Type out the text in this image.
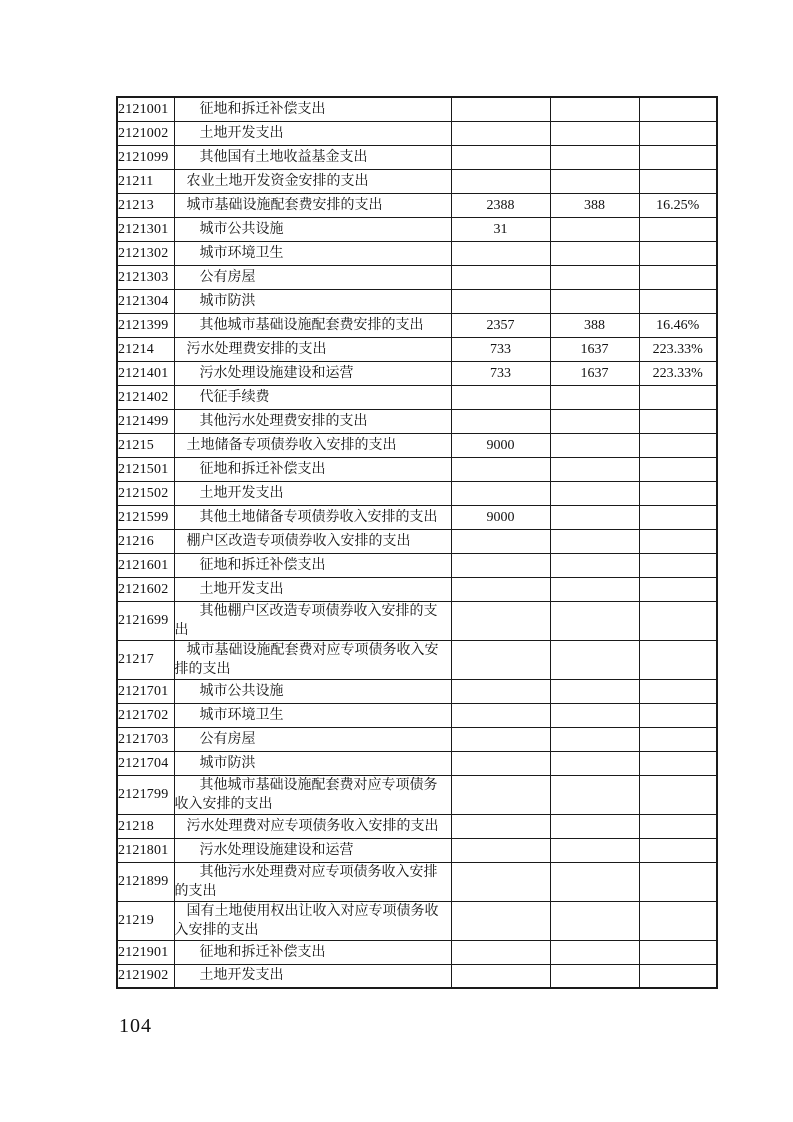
2121001	征地和拆迁补偿支出			
2121002	土地开发支出			
2121099	其他国有土地收益基金支出			
21211	农业土地开发资金安排的支出			
21213	城市基础设施配套费安排的支出	2388	388	16.25%
2121301	城市公共设施	31		
2121302	城市环境卫生			
2121303	公有房屋			
2121304	城市防洪			
2121399	其他城市基础设施配套费安排的支出	2357	388	16.46%
21214	污水处理费安排的支出	733	1637	223.33%
2121401	污水处理设施建设和运营	733	1637	223.33%
2121402	代征手续费			
2121499	其他污水处理费安排的支出			
21215	土地储备专项债券收入安排的支出	9000		
2121501	征地和拆迁补偿支出			
2121502	土地开发支出			
2121599	其他土地储备专项债券收入安排的支出	9000		
21216	棚户区改造专项债券收入安排的支出			
2121601	征地和拆迁补偿支出			
2121602	土地开发支出			
2121699	其他棚户区改造专项债券收入安排的支出			
21217	城市基础设施配套费对应专项债务收入安排的支出			
2121701	城市公共设施			
2121702	城市环境卫生			
2121703	公有房屋			
2121704	城市防洪			
2121799	其他城市基础设施配套费对应专项债务收入安排的支出			
21218	污水处理费对应专项债务收入安排的支出			
2121801	污水处理设施建设和运营			
2121899	其他污水处理费对应专项债务收入安排的支出			
21219	国有土地使用权出让收入对应专项债务收入安排的支出			
2121901	征地和拆迁补偿支出			
2121902	土地开发支出			
104
